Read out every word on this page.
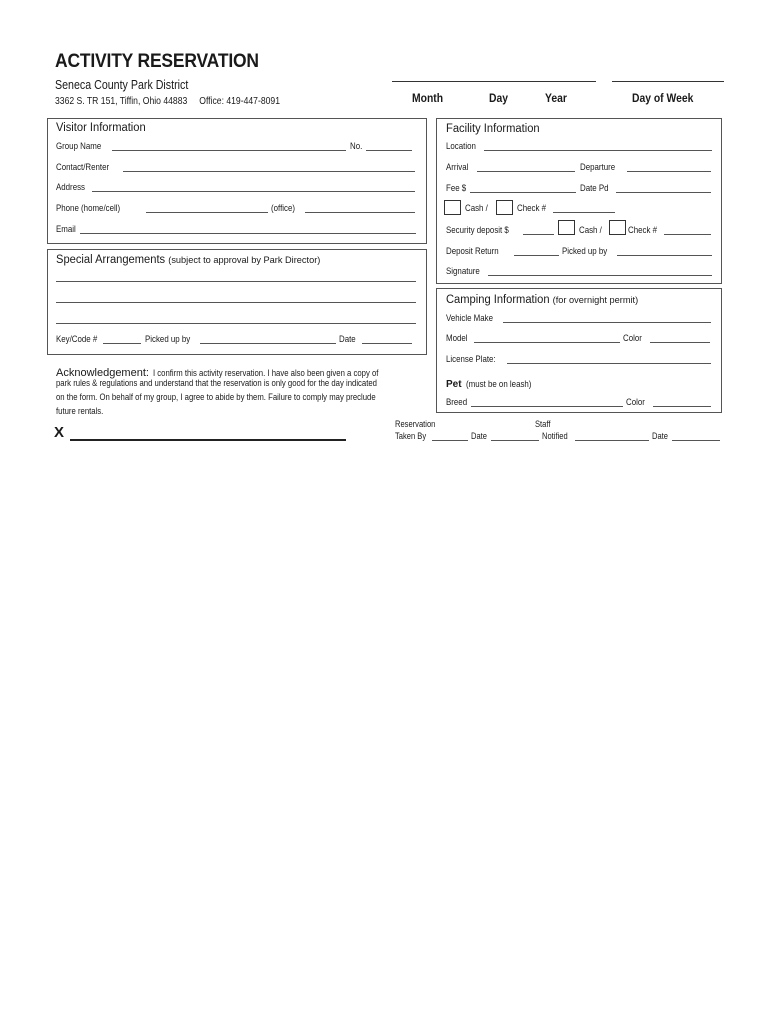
ACTIVITY RESERVATION
Seneca County Park District
3362 S. TR 151, Tiffin, Ohio 44883 Office: 419-447-8091	Month	Day	Year	Day of Week
Visitor Information
Group Name	No.
Contact/Renter
Address
Phone (home/cell)	(office)
Email
Special Arrangements (subject to approval by Park Director)
Key/Code #	Picked up by	Date
Acknowledgement: I confirm this activity reservation. I have also been given a copy of
park rules & regulations and understand that the reservation is only good for the day indicated
on the form. On behalf of my group, I agree to abide by them. Failure to comply may preclude
future rentals.
X
Facility Information
Location
Arrival	Departure
Fee $	Date Pd
Cash /	Check #
Security deposit $	Cash /	Check #
Deposit Return	Picked up by
Signature
Camping Information (for overnight permit)
Vehicle Make
Model	Color
License Plate:
Pet (must be on leash)
Breed	Color
Reservation	Staff
Taken By	Date	Notified	Date
